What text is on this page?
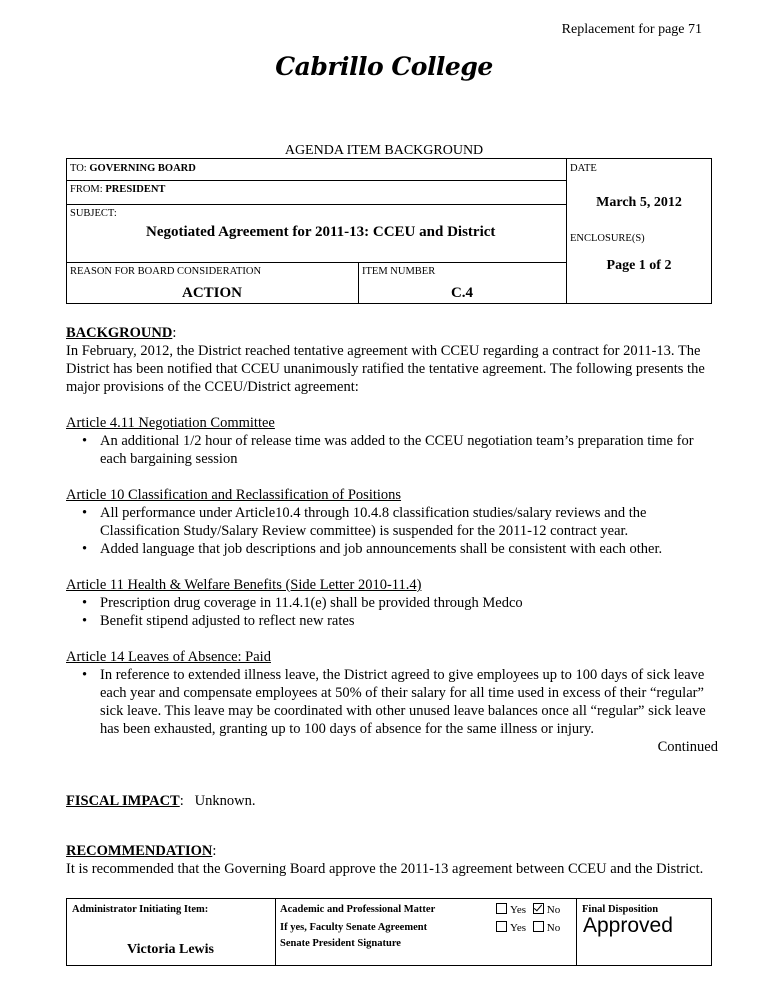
Replacement for page 71
Cabrillo College
AGENDA ITEM BACKGROUND
TO: GOVERNING BOARD
FROM: PRESIDENT
SUBJECT:
Negotiated Agreement for 2011-13: CCEU and District
REASON FOR BOARD CONSIDERATION
ACTION
ITEM NUMBER
C.4
DATE
March 5, 2012
ENCLOSURE(S)
Page 1 of 2
BACKGROUND:
In February, 2012, the District reached tentative agreement with CCEU regarding a contract for 2011-13. The District has been notified that CCEU unanimously ratified the tentative agreement. The following presents the major provisions of the CCEU/District agreement:
Article 4.11 Negotiation Committee
• An additional 1/2 hour of release time was added to the CCEU negotiation team’s preparation time for each bargaining session
Article 10 Classification and Reclassification of Positions
• All performance under Article10.4 through 10.4.8 classification studies/salary reviews and the Classification Study/Salary Review committee) is suspended for the 2011-12 contract year.
• Added language that job descriptions and job announcements shall be consistent with each other.
Article 11 Health & Welfare Benefits (Side Letter 2010-11.4)
• Prescription drug coverage in 11.4.1(e) shall be provided through Medco
• Benefit stipend adjusted to reflect new rates
Article 14 Leaves of Absence: Paid
• In reference to extended illness leave, the District agreed to give employees up to 100 days of sick leave each year and compensate employees at 50% of their salary for all time used in excess of their “regular” sick leave. This leave may be coordinated with other unused leave balances once all “regular” sick leave has been exhausted, granting up to 100 days of absence for the same illness or injury.
Continued
FISCAL IMPACT:   Unknown.
RECOMMENDATION:
It is recommended that the Governing Board approve the 2011-13 agreement between CCEU and the District.
Administrator Initiating Item:
Victoria Lewis
Academic and Professional Matter
If yes, Faculty Senate Agreement
Senate President Signature
Yes No
Yes No
Final Disposition
Approved
